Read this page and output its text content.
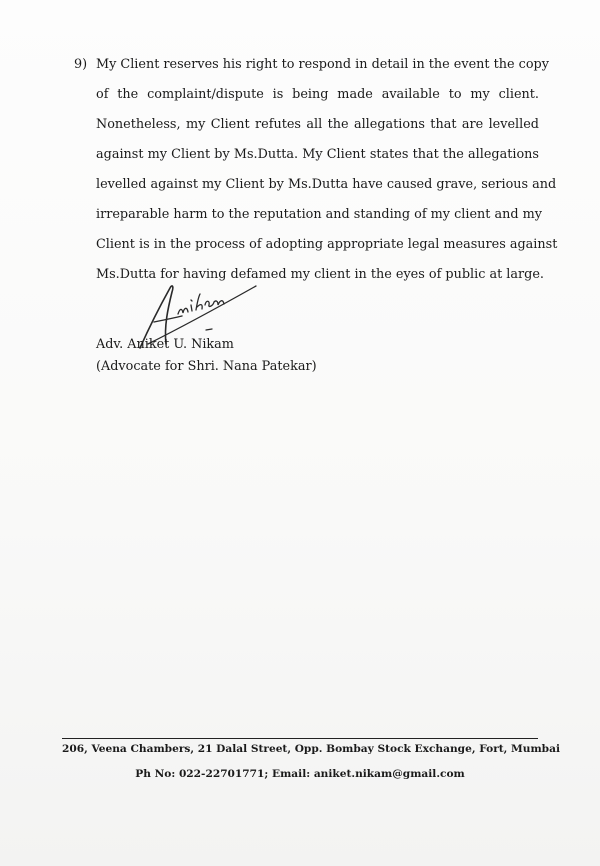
9) My Client reserves his right to respond in detail in the event the copy
of the complaint/dispute is being made available to my client.
Nonetheless, my Client refutes all the allegations that are levelled
against my Client by Ms.Dutta. My Client states that the allegations
levelled against my Client by Ms.Dutta have caused grave, serious and
irreparable harm to the reputation and standing of my client and my
Client is in the process of adopting appropriate legal measures against
Ms.Dutta for having defamed my client in the eyes of public at large.
Adv. Aniket U. Nikam
(Advocate for Shri. Nana Patekar)
206, Veena Chambers, 21 Dalal Street, Opp. Bombay Stock Exchange, Fort, Mumbai
Ph No: 022-22701771; Email: aniket.nikam@gmail.com
